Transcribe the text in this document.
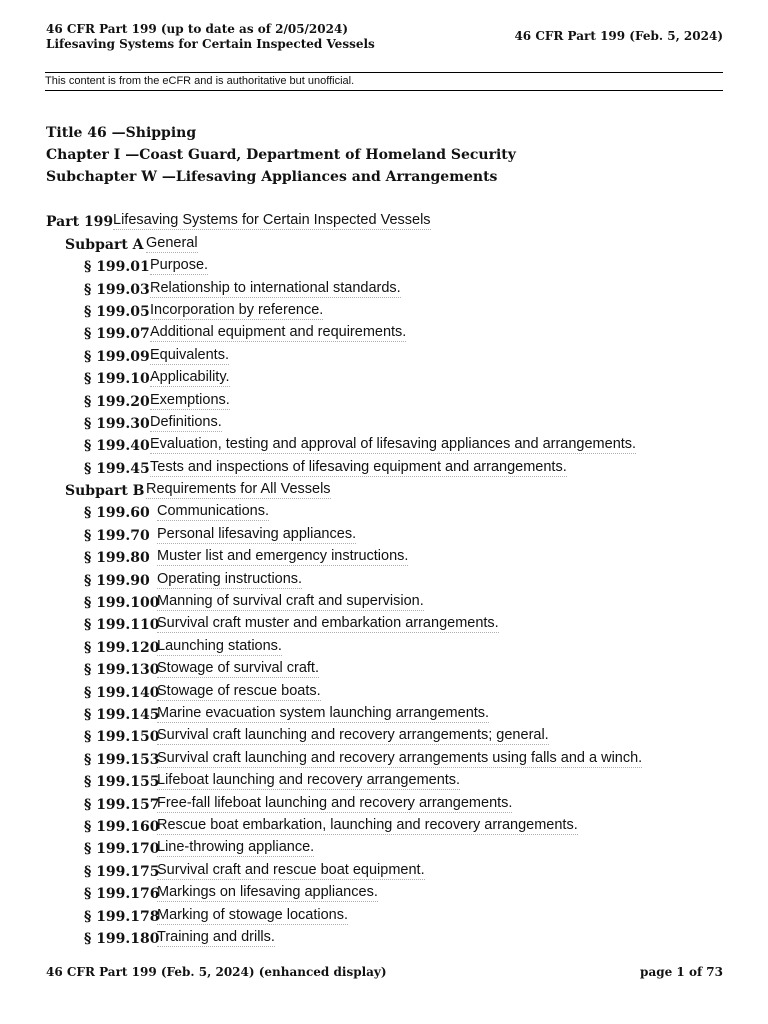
46 CFR Part 199 (up to date as of 2/05/2024)
Lifesaving Systems for Certain Inspected Vessels
46 CFR Part 199 (Feb. 5, 2024)
This content is from the eCFR and is authoritative but unofficial.
Title 46 —Shipping
Chapter I —Coast Guard, Department of Homeland Security
Subchapter W —Lifesaving Appliances and Arrangements
Part 199 Lifesaving Systems for Certain Inspected Vessels
Subpart A General
§ 199.01 Purpose.
§ 199.03 Relationship to international standards.
§ 199.05 Incorporation by reference.
§ 199.07 Additional equipment and requirements.
§ 199.09 Equivalents.
§ 199.10 Applicability.
§ 199.20 Exemptions.
§ 199.30 Definitions.
§ 199.40 Evaluation, testing and approval of lifesaving appliances and arrangements.
§ 199.45 Tests and inspections of lifesaving equipment and arrangements.
Subpart B Requirements for All Vessels
§ 199.60 Communications.
§ 199.70 Personal lifesaving appliances.
§ 199.80 Muster list and emergency instructions.
§ 199.90 Operating instructions.
§ 199.100
Manning of survival craft and supervision.
§ 199.110
Survival craft muster and embarkation arrangements.
§ 199.120
Launching stations.
§ 199.130
Stowage of survival craft.
§ 199.140
Stowage of rescue boats.
§ 199.145
Marine evacuation system launching arrangements.
§ 199.150
Survival craft launching and recovery arrangements; general.
§ 199.153
Survival craft launching and recovery arrangements using falls and a winch.
§ 199.155
Lifeboat launching and recovery arrangements.
§ 199.157
Free-fall lifeboat launching and recovery arrangements.
§ 199.160
Rescue boat embarkation, launching and recovery arrangements.
§ 199.170
Line-throwing appliance.
§ 199.175
Survival craft and rescue boat equipment.
§ 199.176
Markings on lifesaving appliances.
§ 199.178
Marking of stowage locations.
§ 199.180
Training and drills.
46 CFR Part 199 (Feb. 5, 2024) (enhanced display)	page 1 of 73
